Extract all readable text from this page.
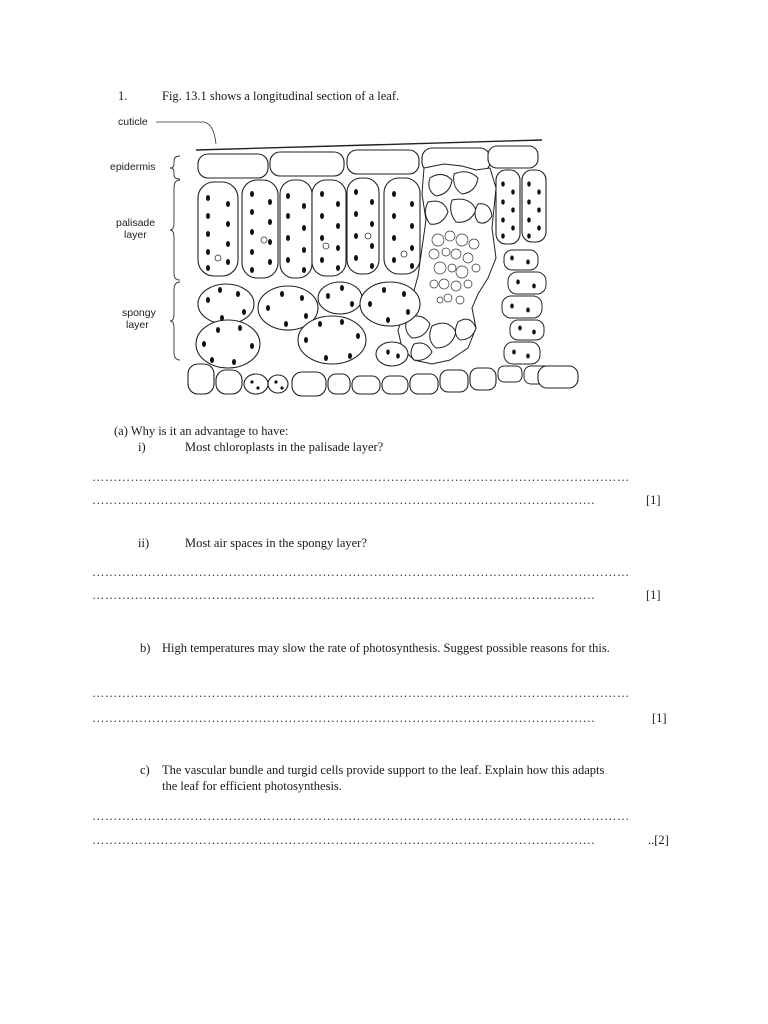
1.	Fig. 13.1 shows a longitudinal section of a leaf.
cuticle
epidermis
palisade
layer
spongy
layer
(a) Why is it an advantage to have:
i)	Most chloroplasts in the palisade layer?
………………………………………………………………………………………………………………
……………………………………………………………………………………………………….	[1]
ii)	Most air spaces in the spongy layer?
………………………………………………………………………………………………………………
……………………………………………………………………………………………………….	[1]
b) High temperatures may slow the rate of photosynthesis. Suggest possible reasons for this.
………………………………………………………………………………………………………………
……………………………………………………………………………………………………….	[1]
c) The vascular bundle and turgid cells provide support to the leaf. Explain how this adapts
the leaf for efficient photosynthesis.
………………………………………………………………………………………………………………
……………………………………………………………………………………………………….	..[2]
